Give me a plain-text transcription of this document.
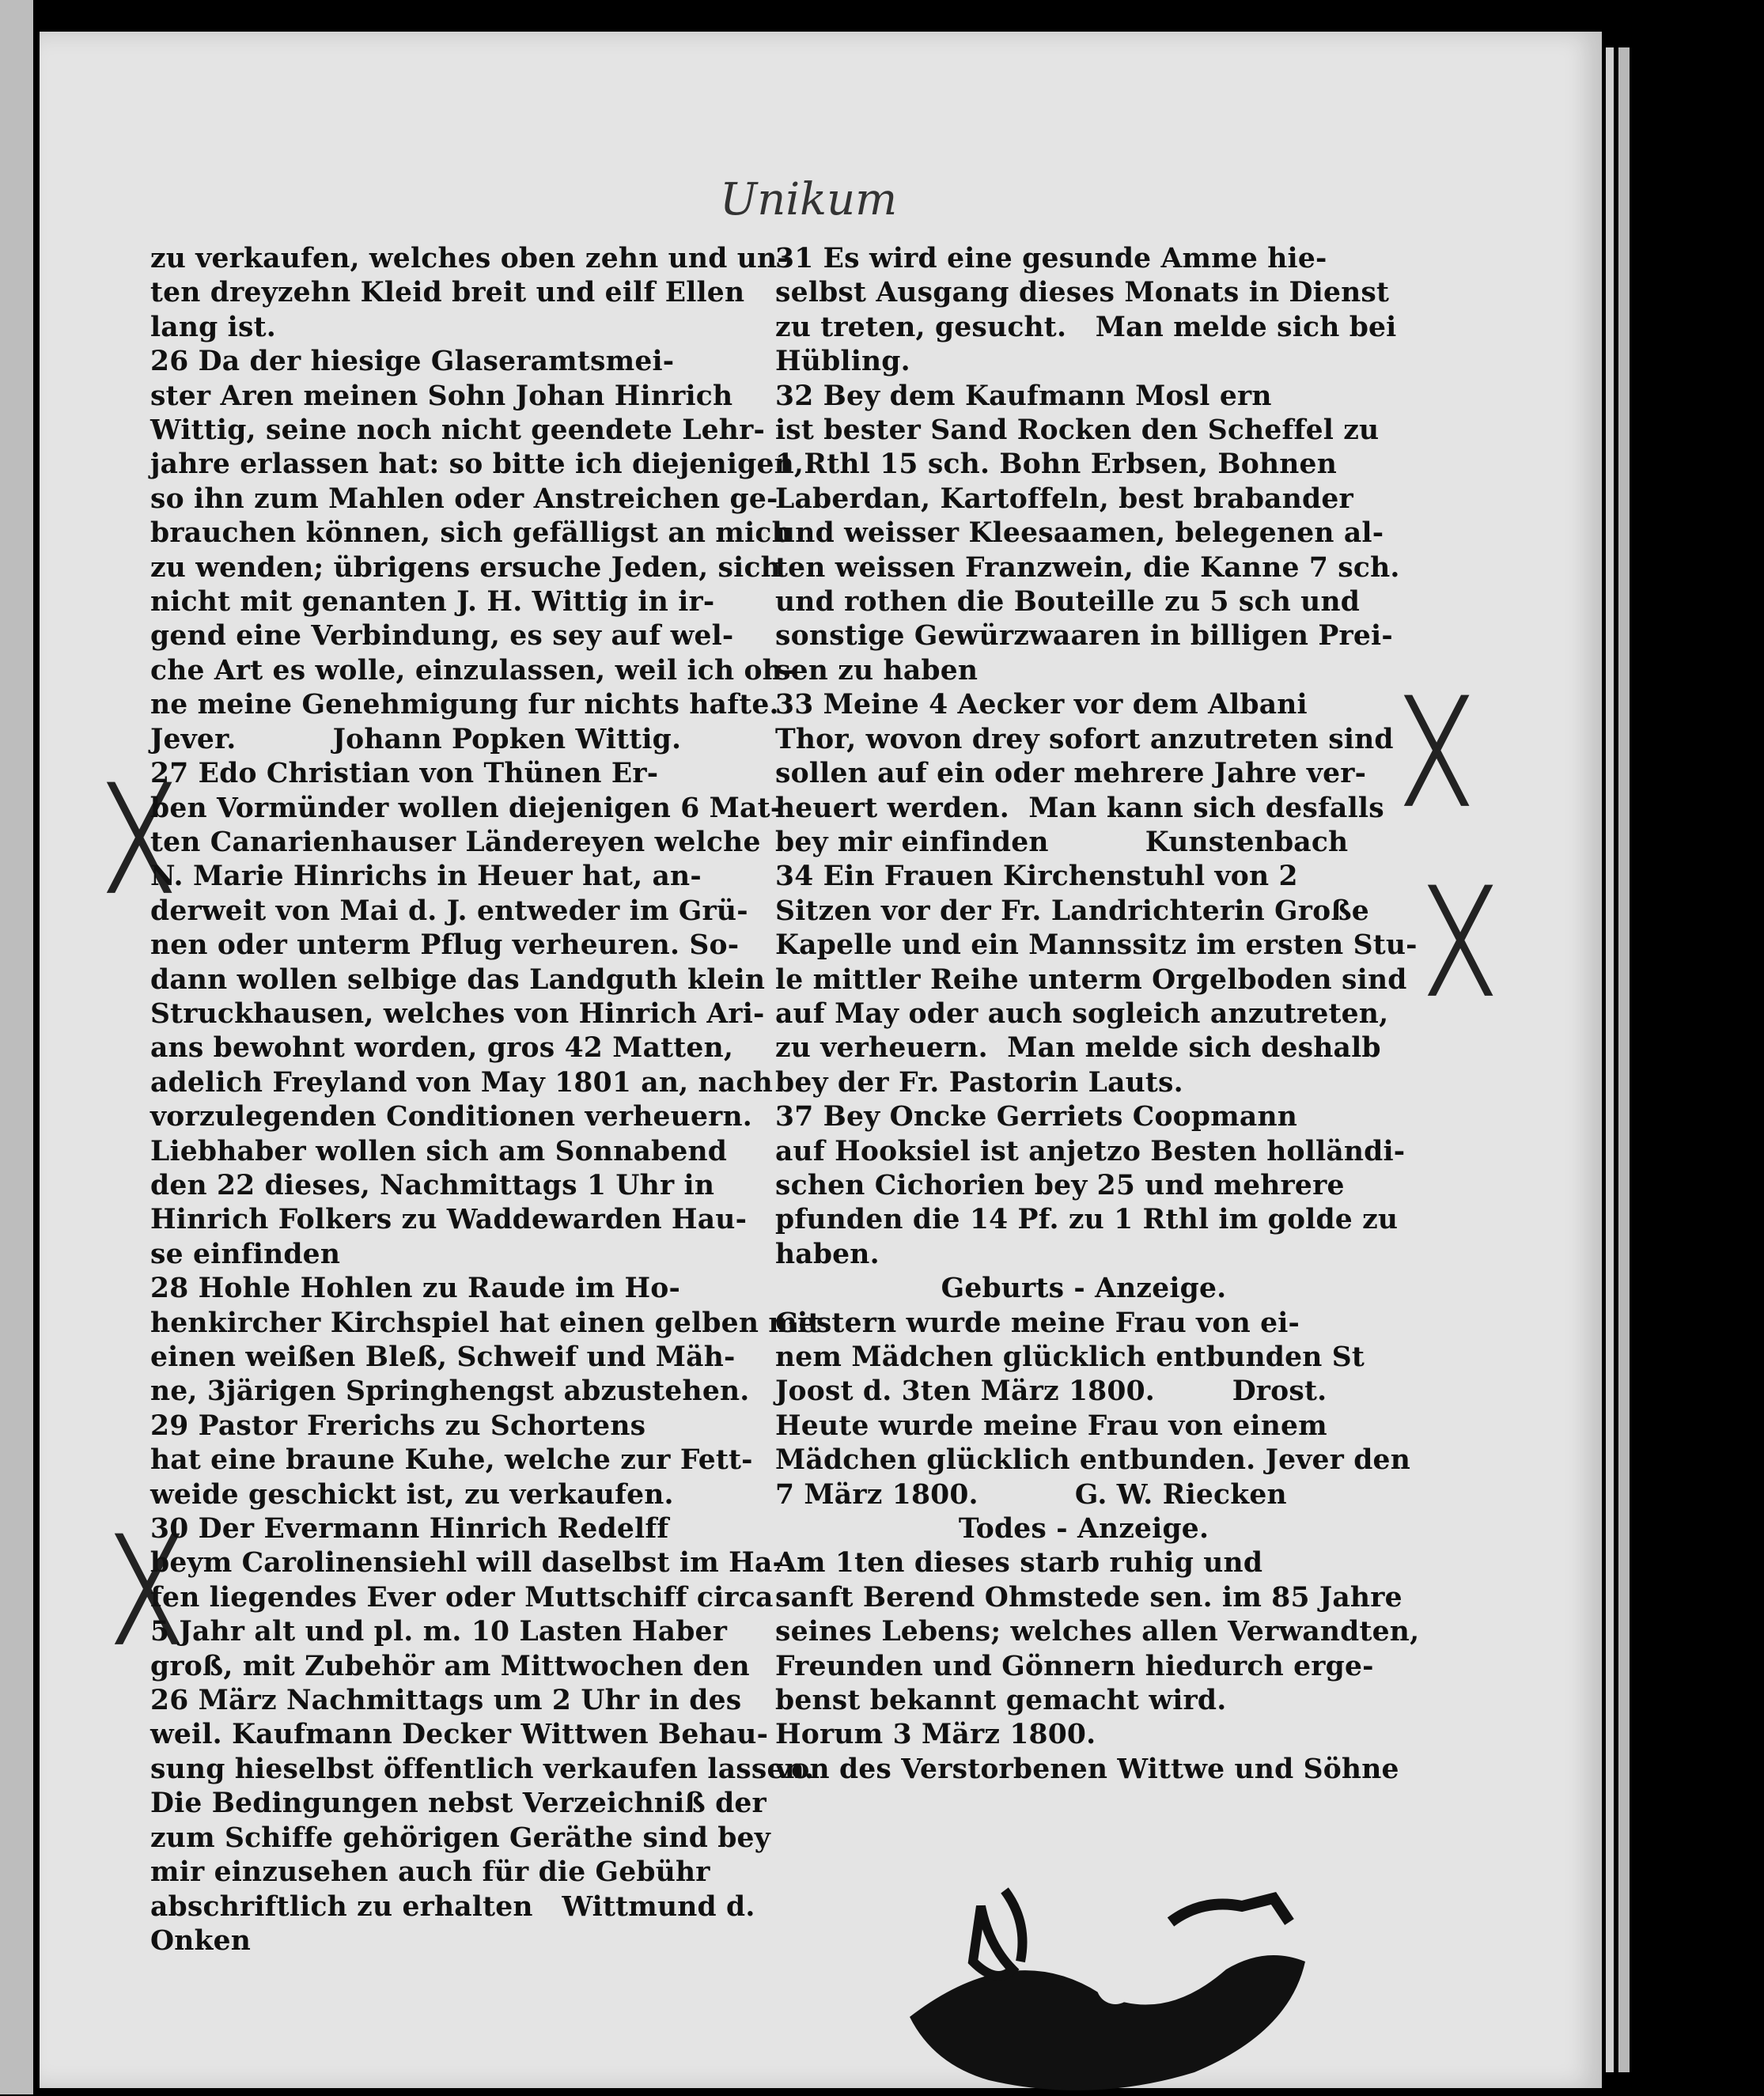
Unikum
╳
╳
╳
╳

zu verkaufen, welches oben zehn und un-

ten dreyzehn Kleid breit und eilf Ellen

lang ist.

26 Da der hiesige Glaseramtsmei-

ster Aren meinen Sohn Johan Hinrich

Wittig, seine noch nicht geendete Lehr-

jahre erlassen hat: so bitte ich diejenigen,

so ihn zum Mahlen oder Anstreichen ge-

brauchen können, sich gefälligst an mich

zu wenden; übrigens ersuche Jeden, sich

nicht mit genanten J. H. Wittig in ir-

gend eine Verbindung, es sey auf wel-

che Art es wolle, einzulassen, weil ich oh-

ne meine Genehmigung fur nichts hafte.

Jever.          Johann Popken Wittig.

27 Edo Christian von Thünen Er-

ben Vormünder wollen diejenigen 6 Mat-

ten Canarienhauser Ländereyen welche

N. Marie Hinrichs in Heuer hat, an-

derweit von Mai d. J. entweder im Grü-

nen oder unterm Pflug verheuren. So-

dann wollen selbige das Landguth klein

Struckhausen, welches von Hinrich Ari-

ans bewohnt worden, gros 42 Matten,

adelich Freyland von May 1801 an, nach

vorzulegenden Conditionen verheuern.

Liebhaber wollen sich am Sonnabend

den 22 dieses, Nachmittags 1 Uhr in

Hinrich Folkers zu Waddewarden Hau-

se einfinden

28 Hohle Hohlen zu Raude im Ho-

henkircher Kirchspiel hat einen gelben mit

einen weißen Bleß, Schweif und Mäh-

ne, 3järigen Springhengst abzustehen.

29 Pastor Frerichs zu Schortens

hat eine braune Kuhe, welche zur Fett-

weide geschickt ist, zu verkaufen.

30 Der Evermann Hinrich Redelff

beym Carolinensiehl will daselbst im Ha-

fen liegendes Ever oder Muttschiff circa

5 Jahr alt und pl. m. 10 Lasten Haber

groß, mit Zubehör am Mittwochen den

26 März Nachmittags um 2 Uhr in des

weil. Kaufmann Decker Wittwen Behau-

sung hieselbst öffentlich verkaufen lassen.

Die Bedingungen nebst Verzeichniß der

zum Schiffe gehörigen Geräthe sind bey

mir einzusehen auch für die Gebühr

abschriftlich zu erhalten   Wittmund d.

Onken

31 Es wird eine gesunde Amme hie-

selbst Ausgang dieses Monats in Dienst

zu treten, gesucht.   Man melde sich bei

Hübling.

32 Bey dem Kaufmann Mosl ern

ist bester Sand Rocken den Scheffel zu

1 Rthl 15 sch. Bohn Erbsen, Bohnen

Laberdan, Kartoffeln, best brabander

und weisser Kleesaamen, belegenen al-

ten weissen Franzwein, die Kanne 7 sch.

und rothen die Bouteille zu 5 sch und

sonstige Gewürzwaaren in billigen Prei-

sen zu haben

33 Meine 4 Aecker vor dem Albani

Thor, wovon drey sofort anzutreten sind

sollen auf ein oder mehrere Jahre ver-

heuert werden.  Man kann sich desfalls

bey mir einfinden          Kunstenbach

34 Ein Frauen Kirchenstuhl von 2

Sitzen vor der Fr. Landrichterin Große

Kapelle und ein Mannssitz im ersten Stu-

le mittler Reihe unterm Orgelboden sind

auf May oder auch sogleich anzutreten,

zu verheuern.  Man melde sich deshalb

bey der Fr. Pastorin Lauts.

37 Bey Oncke Gerriets Coopmann

auf Hooksiel ist anjetzo Besten holländi-

schen Cichorien bey 25 und mehrere

pfunden die 14 Pf. zu 1 Rthl im golde zu

haben.

Geburts - Anzeige.

Gestern wurde meine Frau von ei-

nem Mädchen glücklich entbunden St

Joost d. 3ten März 1800.        Drost.

Heute wurde meine Frau von einem

Mädchen glücklich entbunden. Jever den

7 März 1800.          G. W. Riecken

Todes - Anzeige.

Am 1ten dieses starb ruhig und

sanft Berend Ohmstede sen. im 85 Jahre

seines Lebens; welches allen Verwandten,

Freunden und Gönnern hiedurch erge-

benst bekannt gemacht wird.

Horum 3 März 1800.

von des Verstorbenen Wittwe und Söhne
